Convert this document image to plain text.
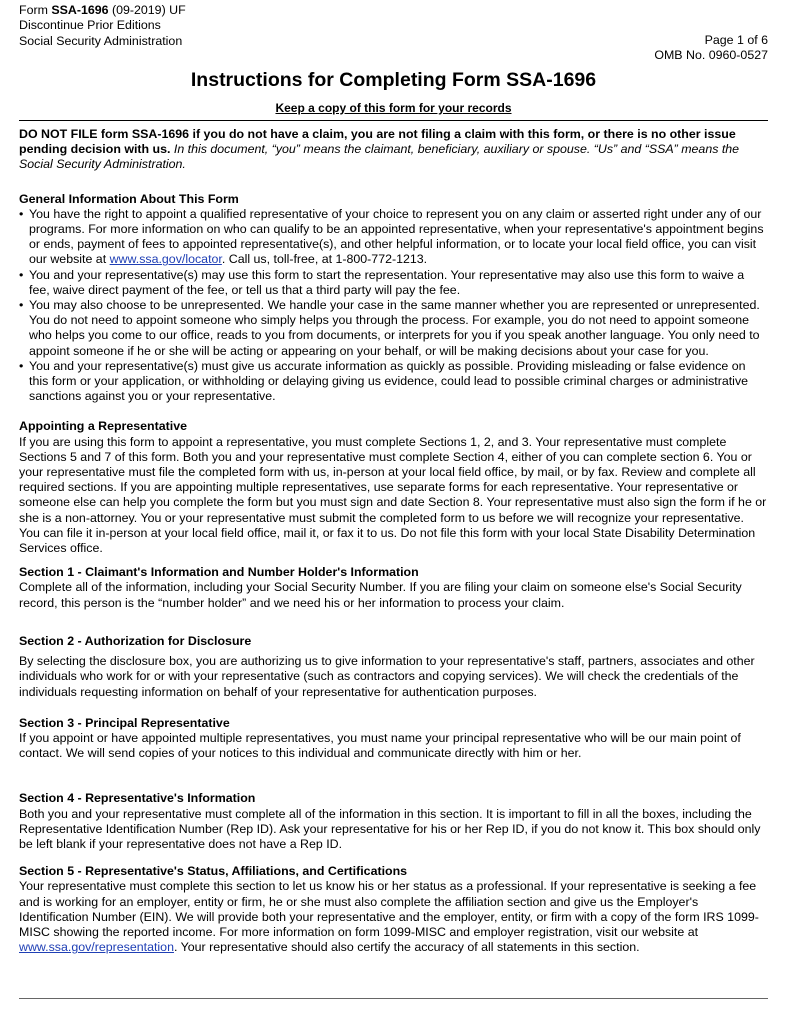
Form SSA-1696 (09-2019) UF
Discontinue Prior Editions
Social Security Administration	Page 1 of 6
OMB No. 0960-0527
Instructions for Completing Form SSA-1696
Keep a copy of this form for your records

DO NOT FILE form SSA-1696 if you do not have a claim, you are not filing a claim with this form, or there is no other issue pending decision with us. In this document, “you” means the claimant, beneficiary, auxiliary or spouse. “Us” and “SSA” means the Social Security Administration.

General Information About This Form
• You have the right to appoint a qualified representative of your choice to represent you on any claim or asserted right under any of our programs. For more information on who can qualify to be an appointed representative, when your representative's appointment begins or ends, payment of fees to appointed representative(s), and other helpful information, or to locate your local field office, you can visit our website at www.ssa.gov/locator. Call us, toll-free, at 1-800-772-1213.
• You and your representative(s) may use this form to start the representation. Your representative may also use this form to waive a fee, waive direct payment of the fee, or tell us that a third party will pay the fee.
• You may also choose to be unrepresented. We handle your case in the same manner whether you are represented or unrepresented. You do not need to appoint someone who simply helps you through the process. For example, you do not need to appoint someone who helps you come to our office, reads to you from documents, or interprets for you if you speak another language. You only need to appoint someone if he or she will be acting or appearing on your behalf, or will be making decisions about your case for you.
• You and your representative(s) must give us accurate information as quickly as possible. Providing misleading or false evidence on this form or your application, or withholding or delaying giving us evidence, could lead to possible criminal charges or administrative sanctions against you or your representative.
Appointing a Representative

If you are using this form to appoint a representative, you must complete Sections 1, 2, and 3. Your representative must complete Sections 5 and 7 of this form. Both you and your representative must complete Section 4, either of you can complete section 6. You or your representative must file the completed form with us, in-person at your local field office, by mail, or by fax. Review and complete all required sections. If you are appointing multiple representatives, use separate forms for each representative. Your representative or someone else can help you complete the form but you must sign and date Section 8. Your representative must also sign the form if he or she is a non-attorney. You or your representative must submit the completed form to us before we will recognize your representative. You can file it in-person at your local field office, mail it, or fax it to us. Do not file this form with your local State Disability Determination Services office.

Section 1 - Claimant's Information and Number Holder's Information

Complete all of the information, including your Social Security Number. If you are filing your claim on someone else's Social Security record, this person is the “number holder” and we need his or her information to process your claim.

Section 2 - Authorization for Disclosure

By selecting the disclosure box, you are authorizing us to give information to your representative's staff, partners, associates and other individuals who work for or with your representative (such as contractors and copying services). We will check the credentials of the individuals requesting information on behalf of your representative for authentication purposes.

Section 3 - Principal Representative

If you appoint or have appointed multiple representatives, you must name your principal representative who will be our main point of contact. We will send copies of your notices to this individual and communicate directly with him or her.

Section 4 - Representative's Information

Both you and your representative must complete all of the information in this section. It is important to fill in all the boxes, including the Representative Identification Number (Rep ID). Ask your representative for his or her Rep ID, if you do not know it. This box should only be left blank if your representative does not have a Rep ID.

Section 5 - Representative's Status, Affiliations, and Certifications

Your representative must complete this section to let us know his or her status as a professional. If your representative is seeking a fee and is working for an employer, entity or firm, he or she must also complete the affiliation section and give us the Employer's Identification Number (EIN). We will provide both your representative and the employer, entity, or firm with a copy of the form IRS 1099-MISC showing the reported income. For more information on form 1099-MISC and employer registration, visit our website at www.ssa.gov/representation. Your representative should also certify the accuracy of all statements in this section.
